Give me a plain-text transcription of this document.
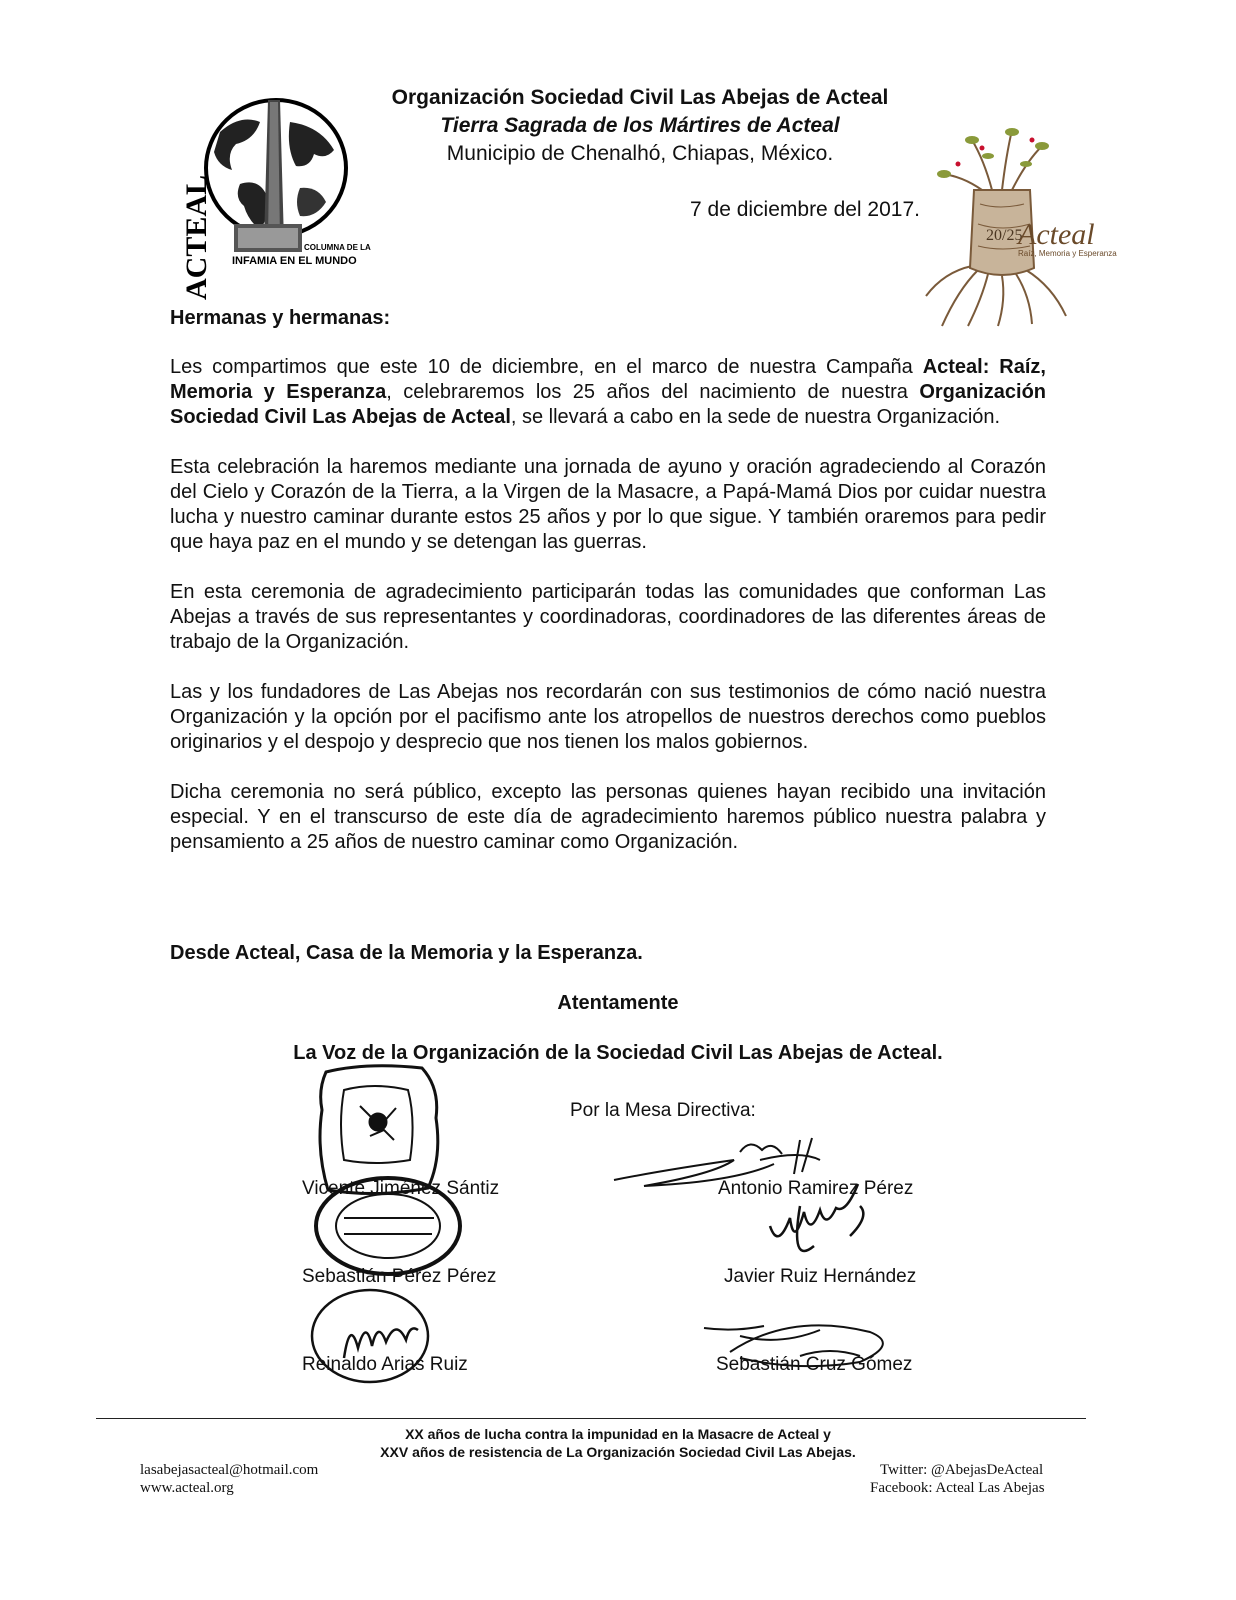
ACTEAL	COLUMNA DE LA
INFAMIA EN EL MUNDO
20/25
Acteal
Raíz, Memoria y Esperanza
Organización Sociedad Civil Las Abejas de Acteal
Tierra Sagrada de los Mártires de Acteal
Municipio de Chenalhó, Chiapas, México.
7 de diciembre del 2017.

Hermanas y hermanas:

Les compartimos que este 10 de diciembre, en el marco de nuestra Campaña Acteal: Raíz, Memoria y Esperanza, celebraremos los 25 años del nacimiento de nuestra Organización Sociedad Civil Las Abejas de Acteal, se llevará a cabo en la sede de nuestra Organización.

Esta celebración la haremos mediante una jornada de ayuno y oración agradeciendo al Corazón del Cielo y Corazón de la Tierra, a la Virgen de la Masacre, a Papá-Mamá Dios por cuidar nuestra lucha y nuestro caminar durante estos 25 años y por lo que sigue. Y también oraremos para pedir que haya paz en el mundo y se detengan las guerras.

En esta ceremonia de agradecimiento participarán todas las comunidades que conforman Las Abejas a través de sus representantes y coordinadoras, coordinadores de las diferentes áreas de trabajo de la Organización.

Las y los fundadores de Las Abejas nos recordarán con sus testimonios de cómo nació nuestra Organización y la opción por el pacifismo ante los atropellos de nuestros derechos como pueblos originarios y el despojo y desprecio que nos tienen los malos gobiernos.

Dicha ceremonia no será público, excepto las personas quienes hayan recibido una invitación especial. Y en el transcurso de este día de agradecimiento haremos público nuestra palabra y pensamiento a 25 años de nuestro caminar como Organización.

Desde Acteal, Casa de la Memoria y la Esperanza.
Atentamente
La Voz de la Organización de la Sociedad Civil Las Abejas de Acteal.
Por la Mesa Directiva:
Vicente Jiménez Sántiz
Sebastián Pérez Pérez
Reinaldo Arias Ruiz
Antonio Ramirez Pérez
Javier Ruiz Hernández
Sebastián Cruz Gómez
XX años de lucha contra la impunidad en la Masacre de Acteal y
XXV años de resistencia de La Organización Sociedad Civil Las Abejas.
lasabejasacteal@hotmail.com	Twitter: @AbejasDeActeal
www.acteal.org	Facebook: Acteal Las Abejas
